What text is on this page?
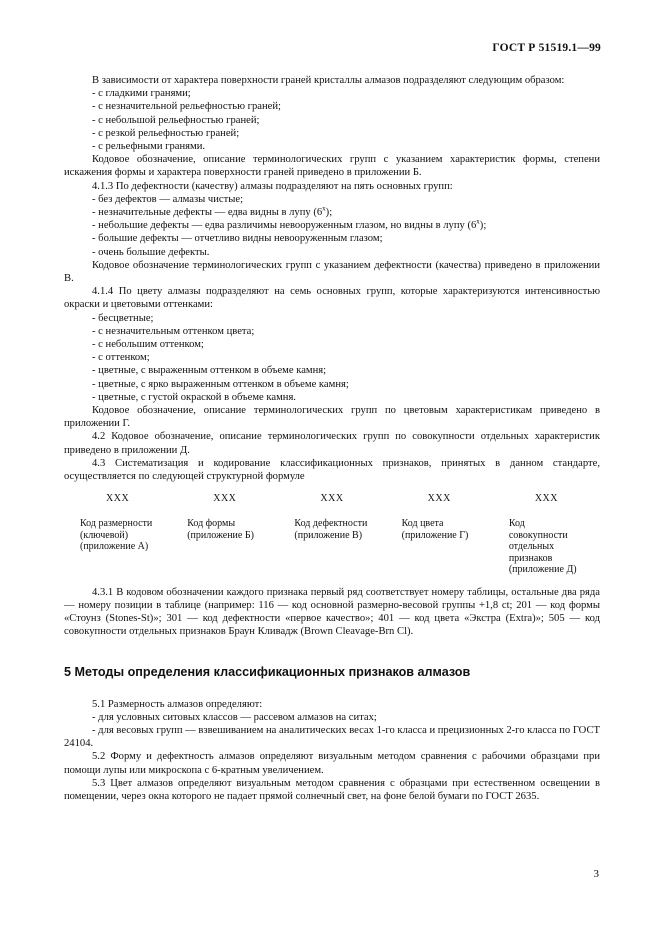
ГОСТ Р 51519.1—99

В зависимости от характера поверхности граней кристаллы алмазов подразделяют следующим образом:

- с гладкими гранями;

- с незначительной рельефностью граней;

- с небольшой рельефностью граней;

- с резкой рельефностью граней;

- с рельефными гранями.

Кодовое обозначение, описание терминологических групп с указанием характеристик формы, степени искажения формы и характера поверхности граней приведено в приложении Б.

4.1.3 По дефектности (качеству) алмазы подразделяют на пять основных групп:

- без дефектов — алмазы чистые;

- незначительные дефекты — едва видны в лупу $(6^х)$;

- небольшие дефекты — едва различимы невооруженным глазом, но видны в лупу $(6^х)$;

- большие дефекты — отчетливо видны невооруженным глазом;

- очень большие дефекты.

Кодовое обозначение терминологических групп с указанием дефектности (качества) приведено в приложении В.

4.1.4 По цвету алмазы подразделяют на семь основных групп, которые характеризуются интенсивностью окраски и цветовыми оттенками:

- бесцветные;

- с незначительным оттенком цвета;

- с небольшим оттенком;

- с оттенком;

- цветные, с выраженным оттенком в объеме камня;

- цветные, с ярко выраженным оттенком в объеме камня;

- цветные, с густой окраской в объеме камня.

Кодовое обозначение, описание терминологических групп по цветовым характеристикам приведено в приложении Г.

4.2 Кодовое обозначение, описание терминологических групп по совокупности отдельных характеристик приведено в приложении Д.

4.3 Систематизация и кодирование классификационных признаков, принятых в данном стандарте, осуществляется по следующей структурной формуле

XXX	XXX	XXX	XXX	XXX
Код размерности
(ключевой)
(приложение А)
Код формы
(приложение Б)
Код дефектности
(приложение В)
Код цвета
(приложение Г)
Код
совокупности
отдельных
признаков
(приложение Д)

4.3.1 В кодовом обозначении каждого признака первый ряд соответствует номеру таблицы, остальные два ряда — номеру позиции в таблице (например: 116 — код основной размерно-весовой группы +1,8 ct; 201 — код формы «Стоунз (Stones-St)»; 301 — код дефектности «первое качество»; 401 — код цвета «Экстра (Extra)»; 505 — код совокупности отдельных признаков Браун Кливадж (Brown Cleavage-Brn Cl).

5 Методы определения классификационных признаков алмазов

5.1 Размерность алмазов определяют:

- для условных ситовых классов — рассевом алмазов на ситах;

- для весовых групп — взвешиванием на аналитических весах 1-го класса и прецизионных 2-го класса по ГОСТ 24104.

5.2 Форму и дефектность алмазов определяют визуальным методом сравнения с рабочими образцами при помощи лупы или микроскопа с 6-кратным увеличением.

5.3 Цвет алмазов определяют визуальным методом сравнения с образцами при естественном освещении в помещении, через окна которого не падает прямой солнечный свет, на фоне белой бумаги по ГОСТ 2635.

3
